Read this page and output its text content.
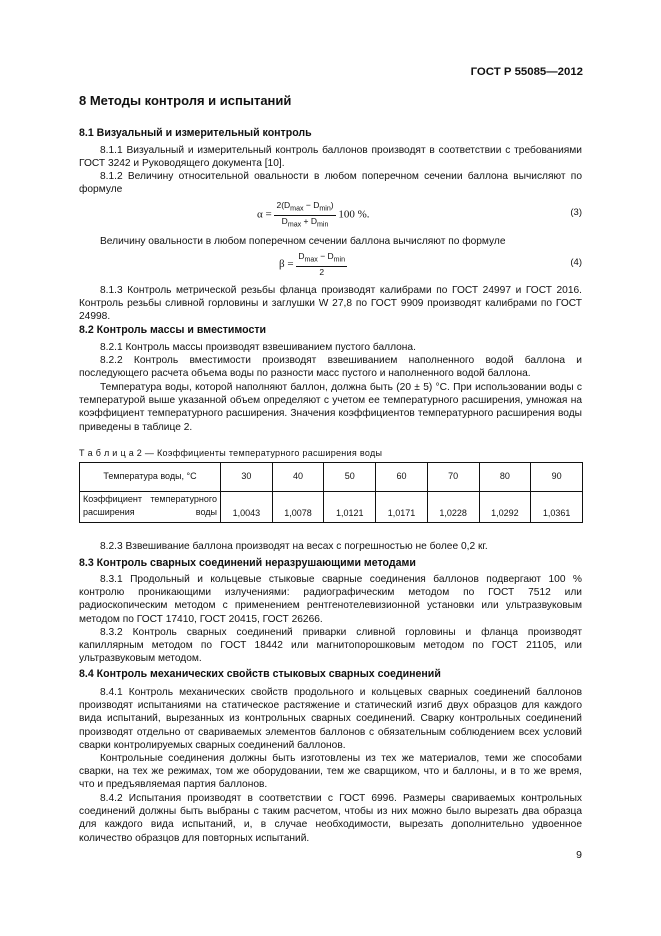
ГОСТ Р 55085—2012
8 Методы контроля и испытаний
8.1 Визуальный и измерительный контроль

8.1.1 Визуальный и измерительный контроль баллонов производят в соответствии с требованиями ГОСТ 3242 и Руководящего документа [10].

8.1.2 Величину относительной овальности в любом поперечном сечении баллона вычисляют по формуле

$\alpha = \frac{2(D_{max} - D_{min})}{D_{max} + D_{min}} 100$ %.	(3)

Величину овальности в любом поперечном сечении баллона вычисляют по формуле

$\beta = \frac{D_{max} - D_{min}}{2}$	(4)

8.1.3 Контроль метрической резьбы фланца производят калибрами по ГОСТ 24997 и ГОСТ 2016. Контроль резьбы сливной горловины и заглушки W 27,8 по ГОСТ 9909 производят калибрами по ГОСТ 24998.

8.2 Контроль массы и вместимости

8.2.1 Контроль массы производят взвешиванием пустого баллона.

8.2.2 Контроль вместимости производят взвешиванием наполненного водой баллона и последующего расчета объема воды по разности масс пустого и наполненного водой баллона.

Температура воды, которой наполняют баллон, должна быть (20 ± 5) °С. При использовании воды с температурой выше указанной объем определяют с учетом ее температурного расширения, умножая на коэффициент температурного расширения. Значения коэффициентов температурного расширения воды приведены в таблице 2.

Т а б л и ц а 2 — Коэффициенты температурного расширения воды
Температура воды, °С	30	40	50	60	70	80	90
Коэффициент температурного расширения воды	1,0043	1,0078	1,0121	1,0171	1,0228	1,0292	1,0361

8.2.3 Взвешивание баллона производят на весах с погрешностью не более 0,2 кг.

8.3 Контроль сварных соединений неразрушающими методами

8.3.1 Продольный и кольцевые стыковые сварные соединения баллонов подвергают 100 % контролю проникающими излучениями: радиографическим методом по ГОСТ 7512 или радиоскопическим методом с применением рентгенотелевизионной установки или ультразвуковым методом по ГОСТ 17410, ГОСТ 20415, ГОСТ 26266.

8.3.2 Контроль сварных соединений приварки сливной горловины и фланца производят капиллярным методом по ГОСТ 18442 или магнитопорошковым методом по ГОСТ 21105, или ультразвуковым методом.

8.4 Контроль механических свойств стыковых сварных соединений

8.4.1 Контроль механических свойств продольного и кольцевых сварных соединений баллонов производят испытаниями на статическое растяжение и статический изгиб двух образцов для каждого вида испытаний, вырезанных из контрольных сварных соединений. Сварку контрольных соединений производят отдельно от свариваемых элементов баллонов с обязательным соблюдением всех условий сварки контролируемых сварных соединений баллонов.

Контрольные соединения должны быть изготовлены из тех же материалов, теми же способами сварки, на тех же режимах, том же оборудовании, тем же сварщиком, что и баллоны, и в то же время, что и предъявляемая партия баллонов.

8.4.2 Испытания производят в соответствии с ГОСТ 6996. Размеры свариваемых контрольных соединений должны быть выбраны с таким расчетом, чтобы из них можно было вырезать два образца для каждого вида испытаний, и, в случае необходимости, вырезать дополнительно удвоенное количество образцов для повторных испытаний.

9
